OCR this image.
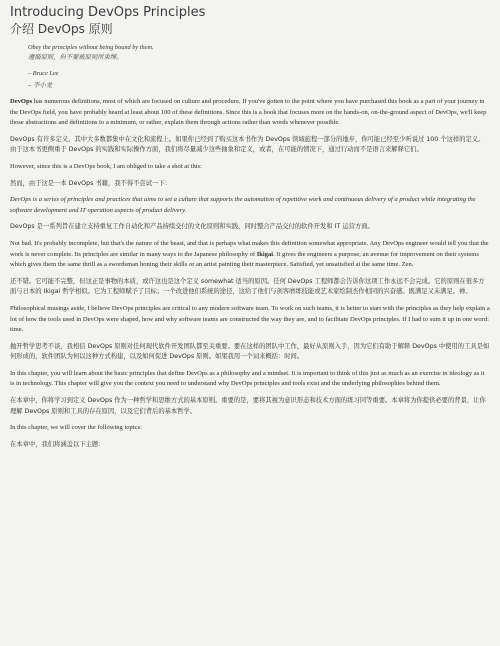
Introducing DevOps Principles
介绍 DevOps 原则
Obey the principles without being bound by them.
遵循原则，但不要被原则所束缚。
– Bruce Lee
– 李小龙

DevOps has numerous definitions, most of which are focused on culture and procedure. If you've gotten to the point where you have purchased this book as a part of your journey in the DevOps field, you have probably heard at least about 100 of these definitions. Since this is a book that focuses more on the hands-on, on-the-ground aspect of DevOps, we'll keep those abstractions and definitions to a minimum, or rather, explain them through actions rather than words whenever possible.

DevOps 有许多定义，其中大多数都集中在文化和流程上。如果你已经到了购买这本书作为 DevOps 领域旅程一部分的地步，你可能已经至少听说过 100 个这样的定义。由于这本书更侧重于 DevOps 的实践和实际操作方面，我们将尽量减少这些抽象和定义，或者，在可能的情况下，通过行动而不是语言来解释它们。

However, since this is a DevOps book, I am obliged to take a shot at this:

然而，由于这是一本 DevOps 书籍，我不得不尝试一下：

DevOps is a series of principles and practices that aims to set a culture that supports the automation of repetitive work and continuous delivery of a product while integrating the software development and IT operation aspects of product delivery.

DevOps 是一系列旨在建立支持重复工作自动化和产品持续交付的文化原则和实践，同时整合产品交付的软件开发和 IT 运营方面。

Not bad. It's probably incomplete, but that's the nature of the beast, and that is perhaps what makes this definition somewhat appropriate. Any DevOps engineer would tell you that the work is never complete. Its principles are similar in many ways to the Japanese philosophy of Ikigai. It gives the engineers a purpose; an avenue for improvement on their systems which gives them the same thrill as a swordsman honing their skills or an artist painting their masterpiece. Satisfied, yet unsatisfied at the same time. Zen.

还不错。它可能不完整，但这正是事物的本质，或许这也是这个定义 somewhat 适当的原因。任何 DevOps 工程师都会告诉你这项工作永远不会完成。它的原则在很多方面与日本的 Ikigai 哲学相似。它为工程师赋予了目标；一个改进他们系统的途径，这给了他们与剑客磨练技能或艺术家绘制杰作相同的兴奋感。既满足又未满足。禅。

Philosophical musings aside, I believe DevOps principles are critical to any modern software team. To work on such teams, it is better to start with the principles as they help explain a lot of how the tools used in DevOps were shaped, how and why software teams are constructed the way they are, and to facilitate DevOps principles. If I had to sum it up in one word: time.

抛开哲学思考不谈，我相信 DevOps 原则对任何现代软件开发团队都至关重要。要在这样的团队中工作，最好从原则入手，因为它们有助于解释 DevOps 中使用的工具是如何形成的，软件团队为何以这种方式构建，以及如何促进 DevOps 原则。如果我用一个词来概括：时间。

In this chapter, you will learn about the basic principles that define DevOps as a philosophy and a mindset. It is important to think of this just as much as an exercise in ideology as it is in technology. This chapter will give you the context you need to understand why DevOps principles and tools exist and the underlying philosophies behind them.

在本章中，你将学习到定义 DevOps 作为一种哲学和思维方式的基本原则。重要的是，要将其视为意识形态和技术方面的练习同等重要。本章将为你提供必要的背景，让你理解 DevOps 原则和工具的存在原因，以及它们背后的基本哲学。

In this chapter, we will cover the following topics:

在本章中，我们将涵盖以下主题：
